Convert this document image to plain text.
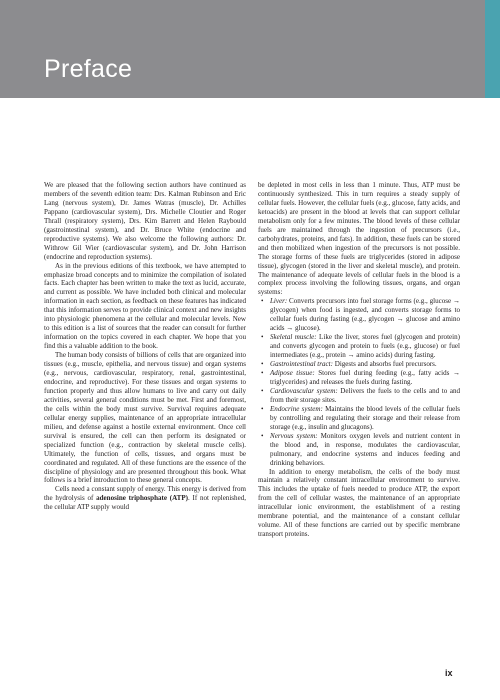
Preface

We are pleased that the following section authors have continued as members of the seventh edition team: Drs. Kalman Rubinson and Eric Lang (nervous system), Dr. James Watras (muscle), Dr. Achilles Pappano (cardiovascular system), Drs. Michelle Cloutier and Roger Thrall (respiratory system), Drs. Kim Barrett and Helen Raybould (gastrointestinal system), and Dr. Bruce White (endocrine and reproductive systems). We also welcome the following authors: Dr. Withrow Gil Wier (cardiovascular system), and Dr. John Harrison (endocrine and reproduction systems).

As in the previous editions of this textbook, we have attempted to emphasize broad concepts and to minimize the compilation of isolated facts. Each chapter has been written to make the text as lucid, accurate, and current as possible. We have included both clinical and molecular information in each section, as feedback on these features has indicated that this information serves to provide clinical context and new insights into physiologic phenomena at the cellular and molecular levels. New to this edition is a list of sources that the reader can consult for further information on the topics covered in each chapter. We hope that you find this a valuable addition to the book.

The human body consists of billions of cells that are organized into tissues (e.g., muscle, epithelia, and nervous tissue) and organ systems (e.g., nervous, cardiovascular, respiratory, renal, gastrointestinal, endocrine, and reproductive). For these tissues and organ systems to function properly and thus allow humans to live and carry out daily activities, several general conditions must be met. First and foremost, the cells within the body must survive. Survival requires adequate cellular energy supplies, maintenance of an appropriate intracellular milieu, and defense against a hostile external environment. Once cell survival is ensured, the cell can then perform its designated or specialized function (e.g., contraction by skeletal muscle cells). Ultimately, the function of cells, tissues, and organs must be coordinated and regulated. All of these functions are the essence of the discipline of physiology and are presented throughout this book. What follows is a brief introduction to these general concepts.

Cells need a constant supply of energy. This energy is derived from the hydrolysis of adenosine triphosphate (ATP). If not replenished, the cellular ATP supply would

be depleted in most cells in less than 1 minute. Thus, ATP must be continuously synthesized. This in turn requires a steady supply of cellular fuels. However, the cellular fuels (e.g., glucose, fatty acids, and ketoacids) are present in the blood at levels that can support cellular metabolism only for a few minutes. The blood levels of these cellular fuels are maintained through the ingestion of precursors (i.e., carbohydrates, proteins, and fats). In addition, these fuels can be stored and then mobilized when ingestion of the precursors is not possible. The storage forms of these fuels are triglycerides (stored in adipose tissue), glycogen (stored in the liver and skeletal muscle), and protein. The maintenance of adequate levels of cellular fuels in the blood is a complex process involving the following tissues, organs, and organ systems:

• Liver: Converts precursors into fuel storage forms (e.g., glucose → glycogen) when food is ingested, and converts storage forms to cellular fuels during fasting (e.g., glycogen → glucose and amino acids → glucose).
• Skeletal muscle: Like the liver, stores fuel (glycogen and protein) and converts glycogen and protein to fuels (e.g., glucose) or fuel intermediates (e.g., protein → amino acids) during fasting.
• Gastrointestinal tract: Digests and absorbs fuel precursors.
• Adipose tissue: Stores fuel during feeding (e.g., fatty acids → triglycerides) and releases the fuels during fasting.
• Cardiovascular system: Delivers the fuels to the cells and to and from their storage sites.
• Endocrine system: Maintains the blood levels of the cellular fuels by controlling and regulating their storage and their release from storage (e.g., insulin and glucagons).
• Nervous system: Monitors oxygen levels and nutrient content in the blood and, in response, modulates the cardiovascular, pulmonary, and endocrine systems and induces feeding and drinking behaviors.

In addition to energy metabolism, the cells of the body must maintain a relatively constant intracellular environment to survive. This includes the uptake of fuels needed to produce ATP, the export from the cell of cellular wastes, the maintenance of an appropriate intracellular ionic environment, the establishment of a resting membrane potential, and the maintenance of a constant cellular volume. All of these functions are carried out by specific membrane transport proteins.

ix
